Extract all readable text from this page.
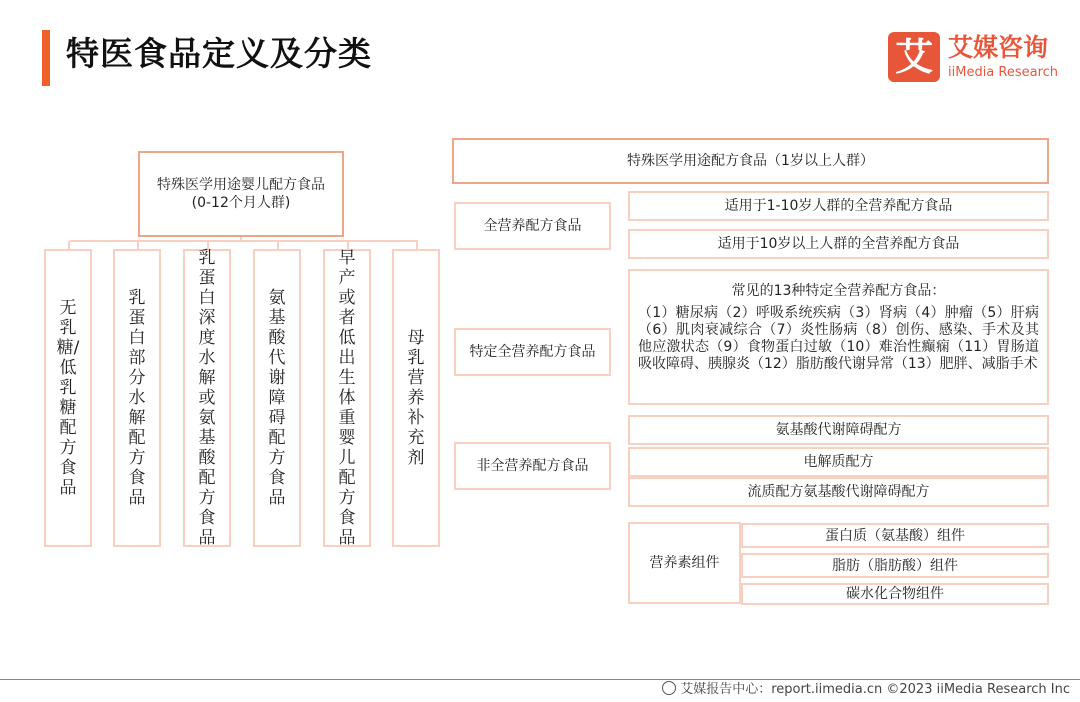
特医食品定义及分类	艾 艾媒咨询
iiMedia Research
特殊医学用途婴儿配方食品
(0-12个月人群)
无乳糖/低乳糖配方食品
乳蛋白部分水解配方食品
乳蛋白深度水解或氨基酸配方食品
氨基酸代谢障碍配方食品
早产或者低出生体重婴儿配方食品
母乳营养补充剂
特殊医学用途配方食品（1岁以上人群）
全营养配方食品
适用于1-10岁人群的全营养配方食品
适用于10岁以上人群的全营养配方食品
特定全营养配方食品
常见的13种特定全营养配方食品：
（1）糖尿病（2）呼吸系统疾病（3）肾病（4）肿瘤（5）肝病（6）肌肉衰减综合（7）炎性肠病（8）创伤、感染、手术及其他应激状态（9）食物蛋白过敏（10）难治性癫痫（11）胃肠道吸收障碍、胰腺炎（12）脂肪酸代谢异常（13）肥胖、减脂手术
非全营养配方食品
氨基酸代谢障碍配方
电解质配方
流质配方氨基酸代谢障碍配方
营养素组件
蛋白质（氨基酸）组件
脂肪（脂肪酸）组件
碳水化合物组件
艾媒报告中心：report.iimedia.cn ©2023 iiMedia Research Inc
